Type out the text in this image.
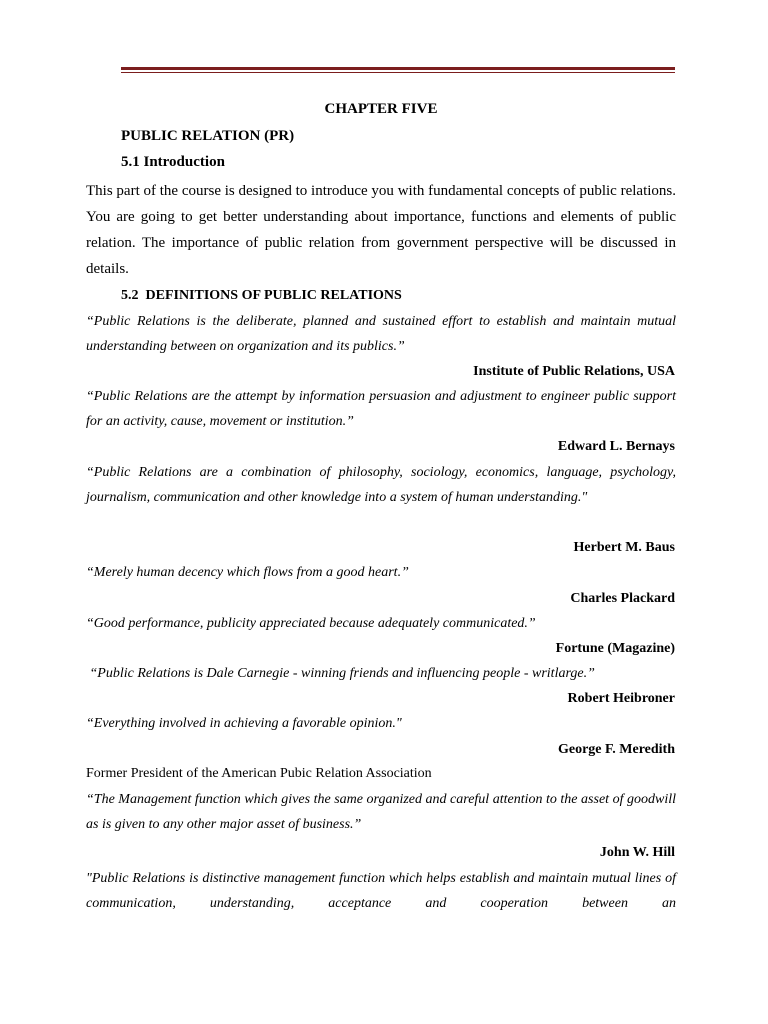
CHAPTER FIVE
PUBLIC RELATION (PR)
5.1 Introduction

This part of the course is designed to introduce you with fundamental concepts of public relations. You are going to get better understanding about importance, functions and elements of public relation. The importance of public relation from government perspective will be discussed in details.

5.2 DEFINITIONS OF PUBLIC RELATIONS

“Public Relations is the deliberate, planned and sustained effort to establish and maintain mutual understanding between on organization and its publics.”

Institute of Public Relations, USA

“Public Relations are the attempt by information persuasion and adjustment to engineer public support for an activity, cause, movement or institution.”

Edward L. Bernays

“Public Relations are a combination of philosophy, sociology, economics, language, psychology, journalism, communication and other knowledge into a system of human understanding."

Herbert M. Baus

“Merely human decency which flows from a good heart.”

Charles Plackard

“Good performance, publicity appreciated because adequately communicated.”

Fortune (Magazine)

“Public Relations is Dale Carnegie - winning friends and influencing people - writlarge.”

Robert Heibroner

“Everything involved in achieving a favorable opinion."

George F. Meredith
Former President of the American Pubic Relation Association

“The Management function which gives the same organized and careful attention to the asset of goodwill as is given to any other major asset of business.”

John W. Hill

"Public Relations is distinctive management function which helps establish and maintain mutual lines of communication, understanding, acceptance and cooperation between an
